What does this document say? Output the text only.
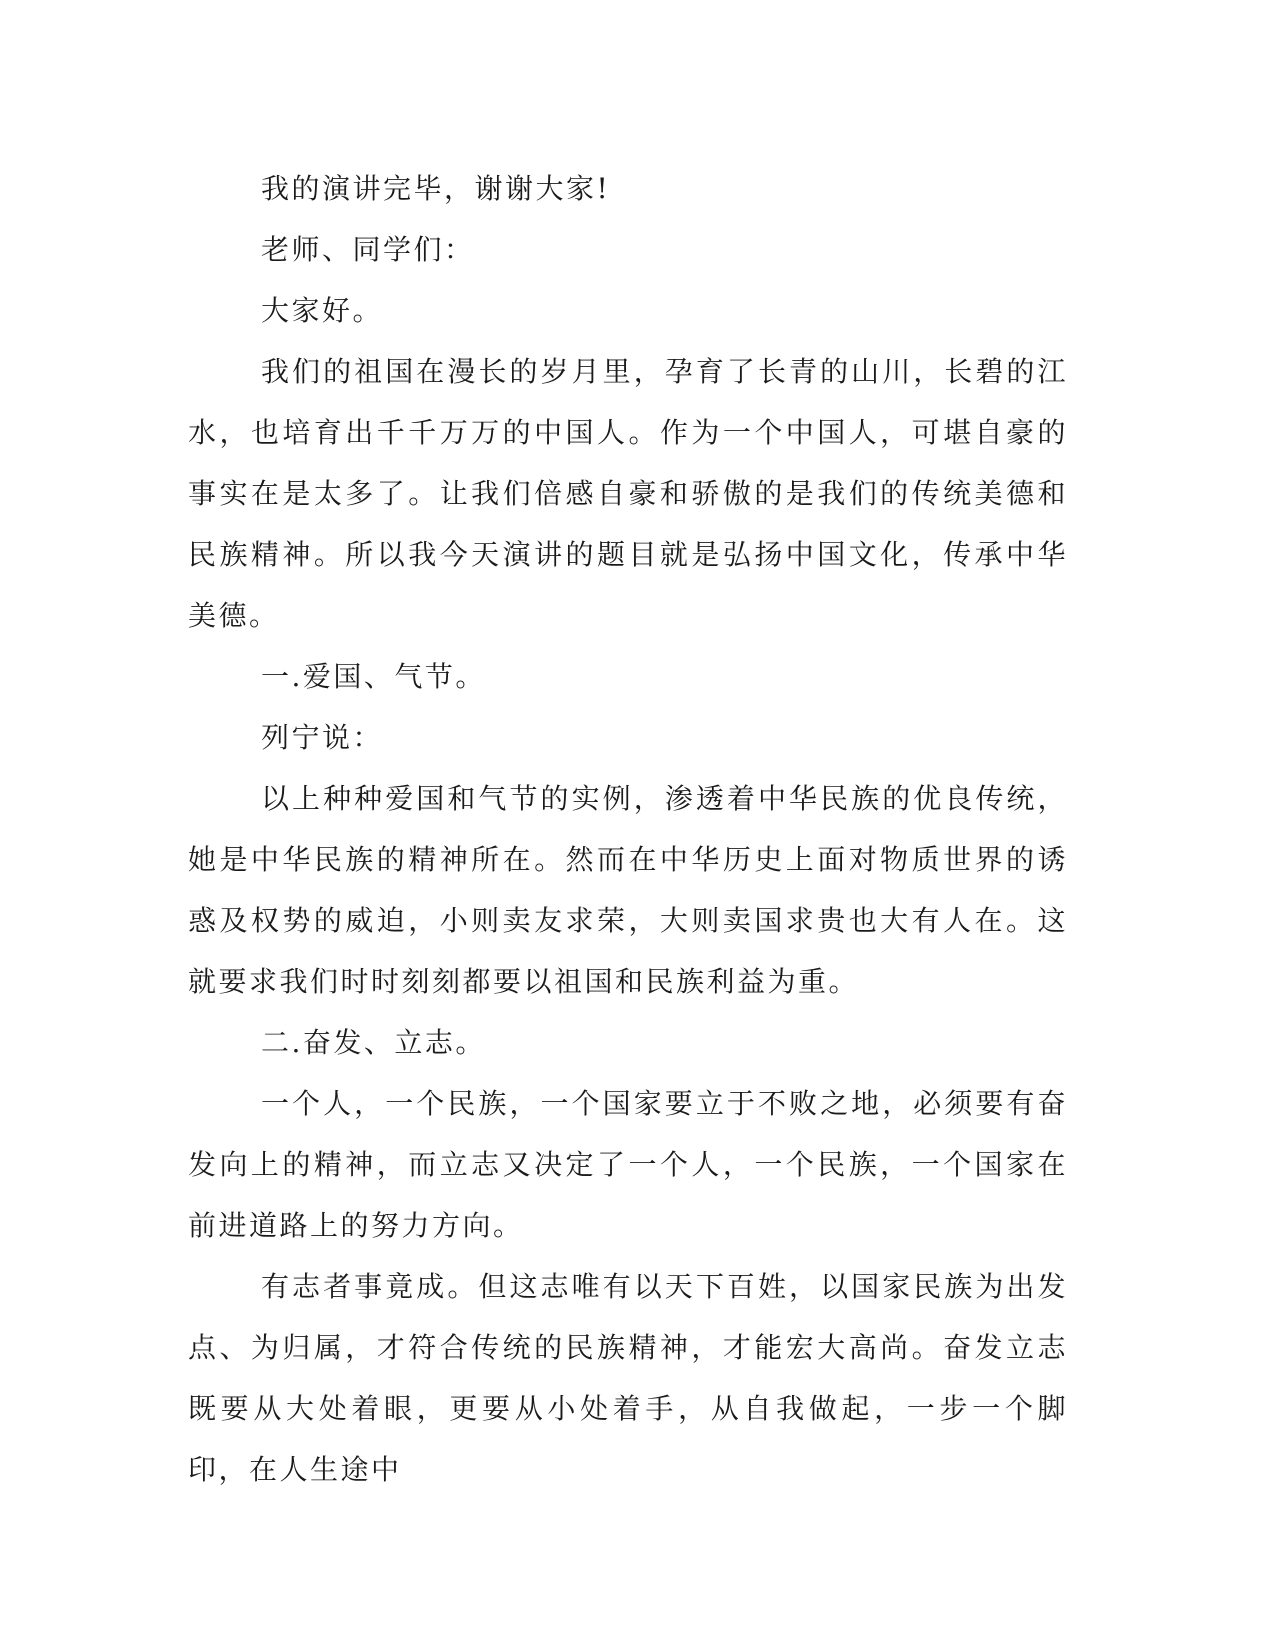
我的演讲完毕，谢谢大家!

老师、同学们：

大家好。

我们的祖国在漫长的岁月里，孕育了长青的山川，长碧的江水，也培育出千千万万的中国人。作为一个中国人，可堪自豪的事实在是太多了。让我们倍感自豪和骄傲的是我们的传统美德和民族精神。所以我今天演讲的题目就是弘扬中国文化，传承中华美德。

一.爱国、气节。

列宁说：

以上种种爱国和气节的实例，渗透着中华民族的优良传统，她是中华民族的精神所在。然而在中华历史上面对物质世界的诱惑及权势的威迫，小则卖友求荣，大则卖国求贵也大有人在。这就要求我们时时刻刻都要以祖国和民族利益为重。

二.奋发、立志。

一个人，一个民族，一个国家要立于不败之地，必须要有奋发向上的精神，而立志又决定了一个人，一个民族，一个国家在前进道路上的努力方向。

有志者事竟成。但这志唯有以天下百姓，以国家民族为出发点、为归属，才符合传统的民族精神，才能宏大高尚。奋发立志既要从大处着眼，更要从小处着手，从自我做起，一步一个脚印，在人生途中
